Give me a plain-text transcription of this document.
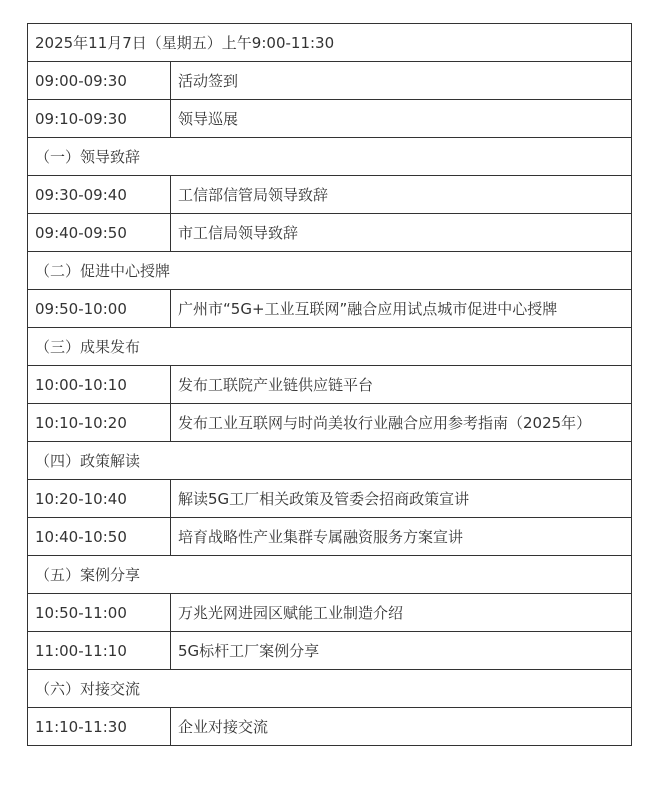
2025年11月7日（星期五）上午9:00-11:30	
09:00-09:30	活动签到
09:10-09:30	领导巡展
（一）领导致辞	
09:30-09:40	工信部信管局领导致辞
09:40-09:50	市工信局领导致辞
（二）促进中心授牌	
09:50-10:00	广州市“5G+工业互联网”融合应用试点城市促进中心授牌
（三）成果发布	
10:00-10:10	发布工联院产业链供应链平台
10:10-10:20	发布工业互联网与时尚美妆行业融合应用参考指南（2025年）
（四）政策解读	
10:20-10:40	解读5G工厂相关政策及管委会招商政策宣讲
10:40-10:50	培育战略性产业集群专属融资服务方案宣讲
（五）案例分享	
10:50-11:00	万兆光网进园区赋能工业制造介绍
11:00-11:10	5G标杆工厂案例分享
（六）对接交流	
11:10-11:30	企业对接交流
